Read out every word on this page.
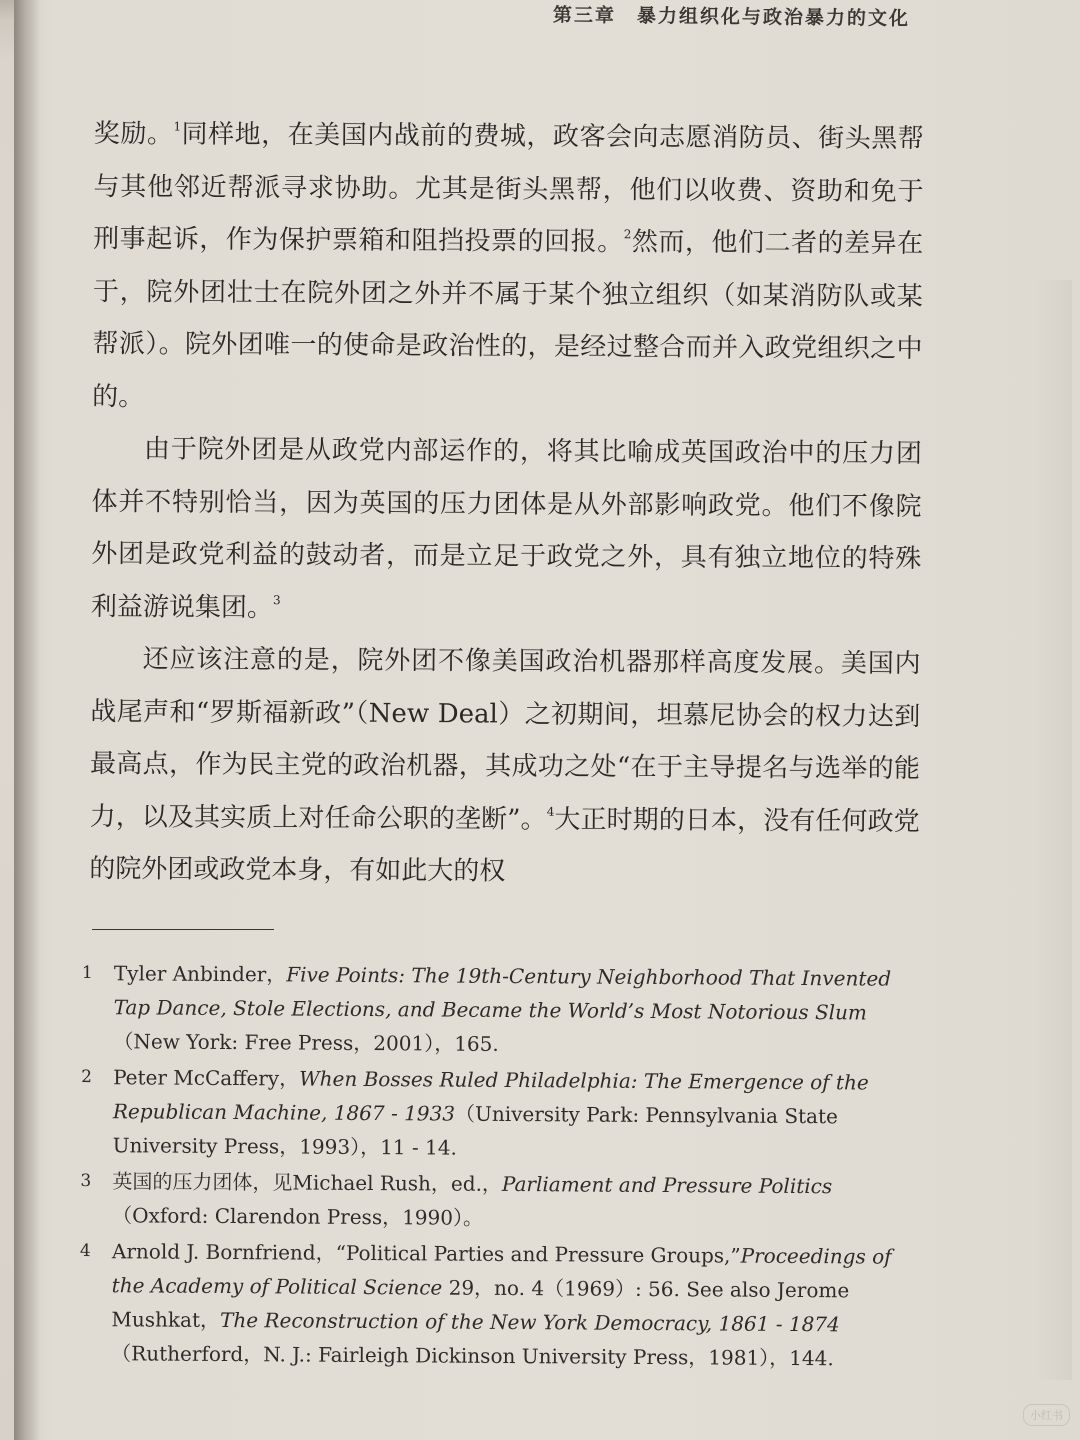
第三章　暴力组织化与政治暴力的文化

奖励。$^1$同样地，在美国内战前的费城，政客会向志愿消防员、街头黑帮与其他邻近帮派寻求协助。尤其是街头黑帮，他们以收费、资助和免于刑事起诉，作为保护票箱和阻挡投票的回报。$^2$然而，他们二者的差异在于，院外团壮士在院外团之外并不属于某个独立组织（如某消防队或某帮派）。院外团唯一的使命是政治性的，是经过整合而并入政党组织之中的。

由于院外团是从政党内部运作的，将其比喻成英国政治中的压力团体并不特别恰当，因为英国的压力团体是从外部影响政党。他们不像院外团是政党利益的鼓动者，而是立足于政党之外，具有独立地位的特殊利益游说集团。$^3$

还应该注意的是，院外团不像美国政治机器那样高度发展。美国内战尾声和“罗斯福新政”（New Deal）之初期间，坦慕尼协会的权力达到最高点，作为民主党的政治机器，其成功之处“在于主导提名与选举的能力，以及其实质上对任命公职的垄断”。$^4$大正时期的日本，没有任何政党的院外团或政党本身，有如此大的权

1	Tyler Anbinder，Five Points: The 19th-Century Neighborhood That Invented Tap Dance, Stole Elections, and Became the World’s Most Notorious Slum（New York: Free Press，2001），165.
2	Peter McCaffery，When Bosses Ruled Philadelphia: The Emergence of the Republican Machine, 1867 - 1933（University Park: Pennsylvania State University Press，1993），11 - 14.
3	英国的压力团体，见Michael Rush，ed.，Parliament and Pressure Politics（Oxford: Clarendon Press，1990）。
4	Arnold J. Bornfriend，“Political Parties and Pressure Groups,”Proceedings of the Academy of Political Science 29，no. 4（1969）: 56. See also Jerome Mushkat，The Reconstruction of the New York Democracy, 1861 - 1874（Rutherford，N. J.: Fairleigh Dickinson University Press，1981），144.
小红书
